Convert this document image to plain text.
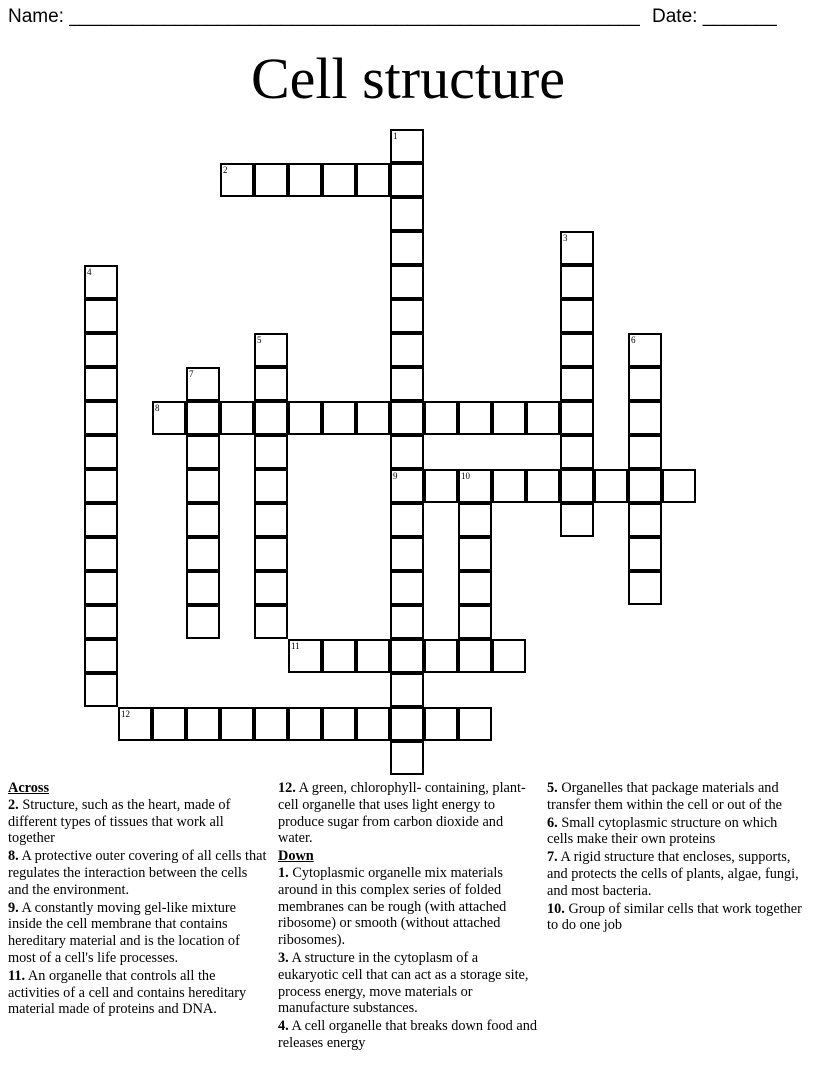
Name: ______________________________________________________ Date: _______
Cell structure
1
9
2
3
4
5	6
7
8
10
11
12
Across
2. Structure, such as the heart, made of different types of tissues that work all together
8. A protective outer covering of all cells that regulates the interaction between the cells and the environment.
9. A constantly moving gel-like mixture inside the cell membrane that contains hereditary material and is the location of most of a cell's life processes.
11. An organelle that controls all the activities of a cell and contains hereditary material made of proteins and DNA.
12. A green, chlorophyll- containing, plant-cell organelle that uses light energy to produce sugar from carbon dioxide and water.
Down
1. Cytoplasmic organelle mix materials around in this complex series of folded membranes can be rough (with attached ribosome) or smooth (without attached ribosomes).
3. A structure in the cytoplasm of a eukaryotic cell that can act as a storage site, process energy, move materials or manufacture substances.
4. A cell organelle that breaks down food and releases energy
5. Organelles that package materials and transfer them within the cell or out of the
6. Small cytoplasmic structure on which cells make their own proteins
7. A rigid structure that encloses, supports, and protects the cells of plants, algae, fungi, and most bacteria.
10. Group of similar cells that work together to do one job
